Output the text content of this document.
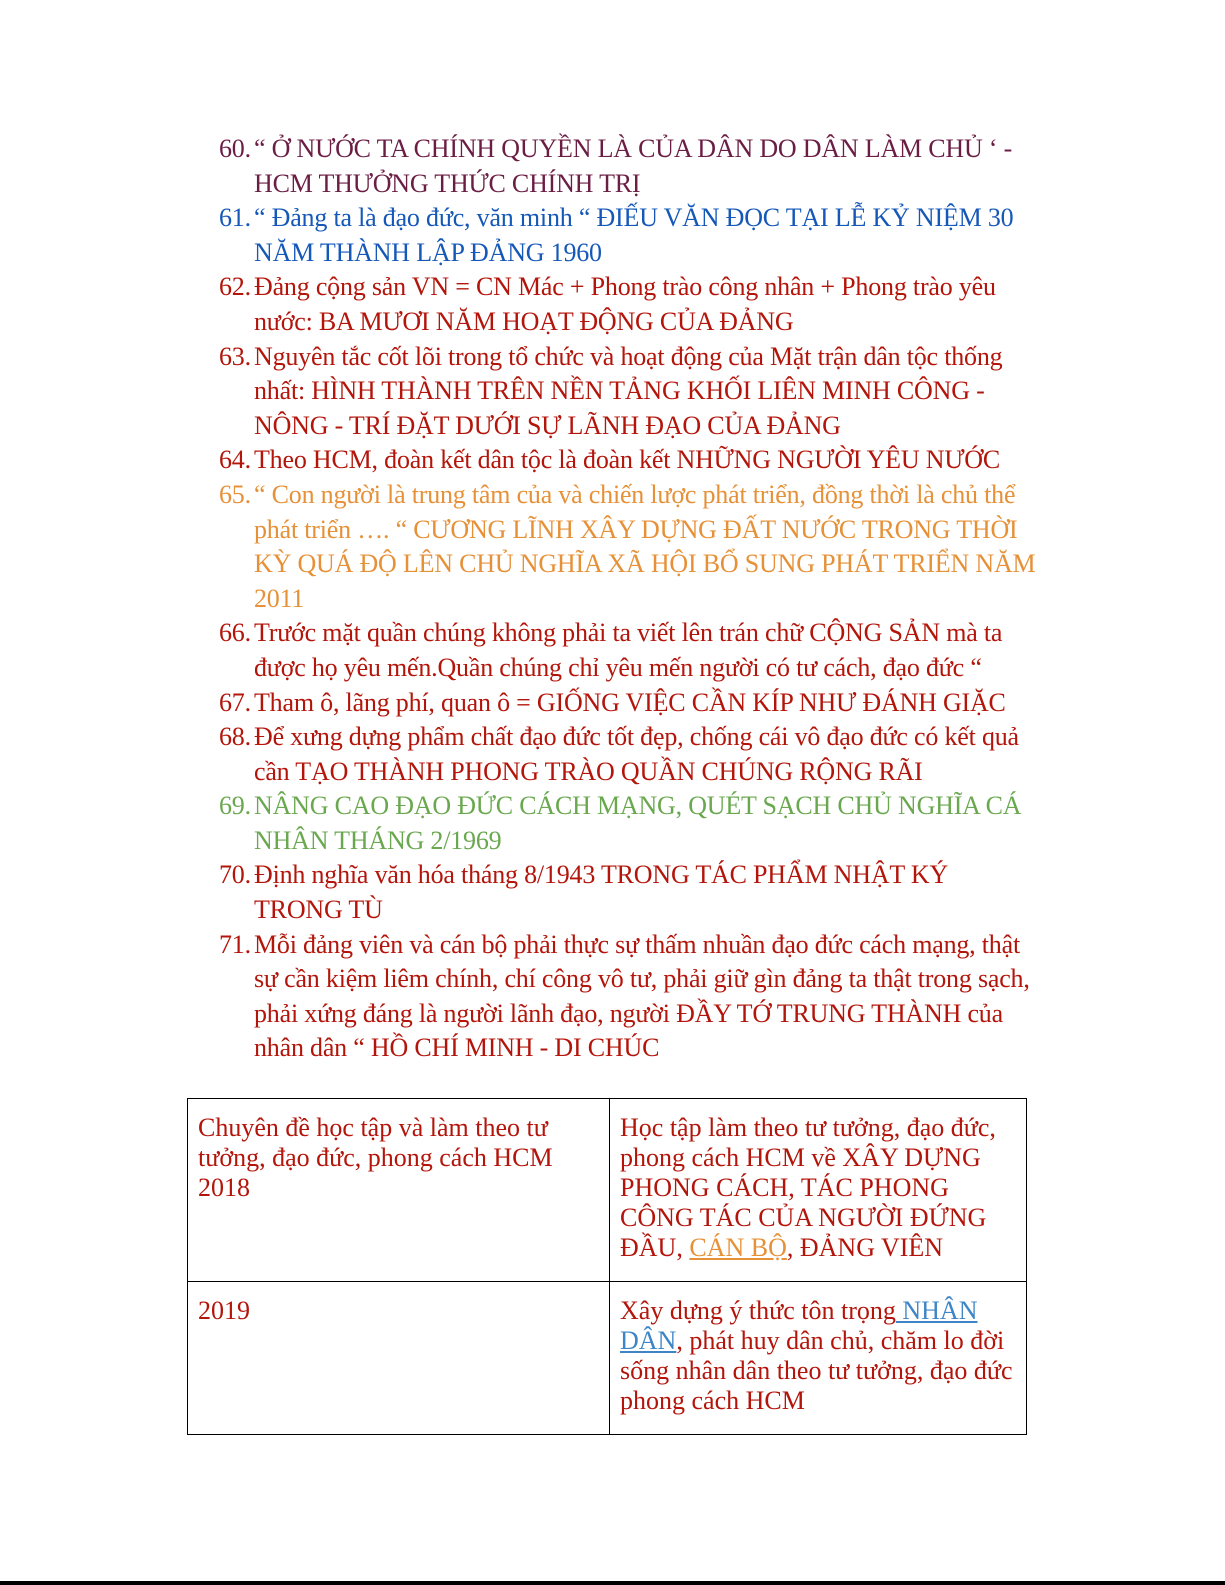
60. “ Ở NƯỚC TA CHÍNH QUYỀN LÀ CỦA DÂN DO DÂN LÀM CHỦ ‘ - HCM THƯỞNG THỨC CHÍNH TRỊ
61. “ Đảng ta là đạo đức, văn minh “ ĐIẾU VĂN ĐỌC TẠI LỄ KỶ NIỆM 30 NĂM THÀNH LẬP ĐẢNG 1960
62. Đảng cộng sản VN = CN Mác + Phong trào công nhân + Phong trào yêu nước: BA MƯƠI NĂM HOẠT ĐỘNG CỦA ĐẢNG
63. Nguyên tắc cốt lõi trong tổ chức và hoạt động của Mặt trận dân tộc thống nhất: HÌNH THÀNH TRÊN NỀN TẢNG KHỐI LIÊN MINH CÔNG - NÔNG - TRÍ ĐẶT DƯỚI SỰ LÃNH ĐẠO CỦA ĐẢNG
64. Theo HCM, đoàn kết dân tộc là đoàn kết NHỮNG NGƯỜI YÊU NƯỚC
65. “ Con người là trung tâm của và chiến lược phát triển, đồng thời là chủ thể phát triển …. “ CƯƠNG LĨNH XÂY DỰNG ĐẤT NƯỚC TRONG THỜI KỲ QUÁ ĐỘ LÊN CHỦ NGHĨA XÃ HỘI BỔ SUNG PHÁT TRIỂN NĂM 2011
66. Trước mặt quần chúng không phải ta viết lên trán chữ CỘNG SẢN mà ta được họ yêu mến.Quần chúng chỉ yêu mến người có tư cách, đạo đức “
67. Tham ô, lãng phí, quan ô = GIỐNG VIỆC CẦN KÍP NHƯ ĐÁNH GIẶC
68. Để xưng dựng phẩm chất đạo đức tốt đẹp, chống cái vô đạo đức có kết quả cần TẠO THÀNH PHONG TRÀO QUẦN CHÚNG RỘNG RÃI
69. NÂNG CAO ĐẠO ĐỨC CÁCH MẠNG, QUÉT SẠCH CHỦ NGHĨA CÁ NHÂN THÁNG 2/1969
70. Định nghĩa văn hóa tháng 8/1943 TRONG TÁC PHẨM NHẬT KÝ TRONG TÙ
71. Mỗi đảng viên và cán bộ phải thực sự thấm nhuần đạo đức cách mạng, thật sự cần kiệm liêm chính, chí công vô tư, phải giữ gìn đảng ta thật trong sạch, phải xứng đáng là người lãnh đạo, người ĐẦY TỚ TRUNG THÀNH của nhân dân “ HỒ CHÍ MINH - DI CHÚC
Chuyên đề học tập và làm theo tư tưởng, đạo đức, phong cách HCM 2018	Học tập làm theo tư tưởng, đạo đức, phong cách HCM về XÂY DỰNG PHONG CÁCH, TÁC PHONG CÔNG TÁC CỦA NGƯỜI ĐỨNG ĐẦU, CÁN BỘ, ĐẢNG VIÊN
2019	Xây dựng ý thức tôn trọng NHÂN DÂN, phát huy dân chủ, chăm lo đời sống nhân dân theo tư tưởng, đạo đức phong cách HCM
